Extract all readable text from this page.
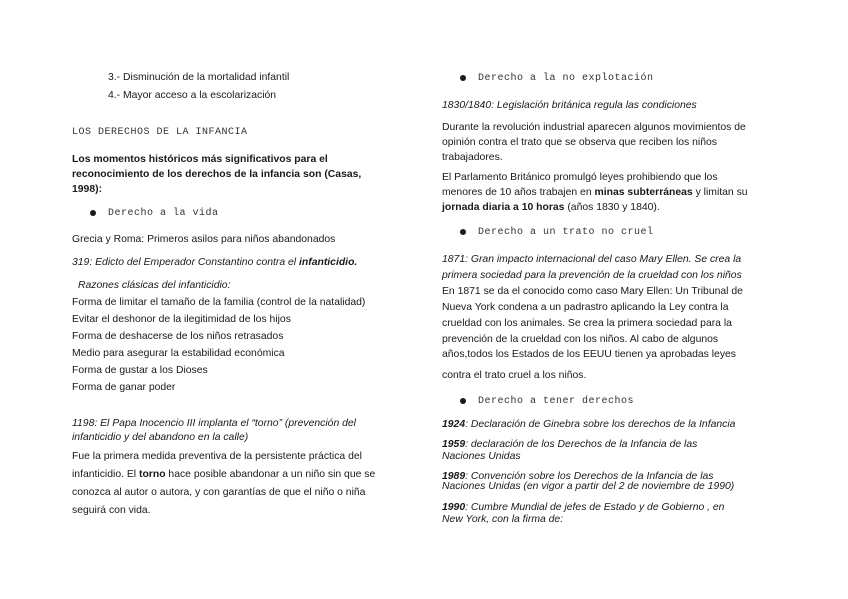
3.- Disminución de la mortalidad infantil
4.- Mayor acceso a la escolarización
LOS DERECHOS DE LA INFANCIA
Los momentos históricos más significativos para el
reconocimiento de los derechos de la infancia son (Casas,
1998):
Derecho a la vida
Grecia y Roma: Primeros asilos para niños abandonados
319: Edicto del Emperador Constantino contra el infanticidio.
Razones clásicas del infanticidio:
Forma de limitar el tamaño de la familia (control de la natalidad)
Evitar el deshonor de la ilegitimidad de los hijos
Forma de deshacerse de los niños retrasados
Medio para asegurar la estabilidad económica
Forma de gustar a los Dioses
Forma de ganar poder
1198: El Papa Inocencio III implanta el “torno” (prevención del
infanticidio y del abandono en la calle)
Fue la primera medida preventiva de la persistente práctica del
infanticidio. El torno hace posible abandonar a un niño sin que se
conozca al autor o autora, y con garantías de que el niño o niña
seguirá con vida.
Derecho a la no explotación
1830/1840: Legislación británica regula las condiciones
Durante la revolución industrial aparecen algunos movimientos de
opinión contra el trato que se observa que reciben los niños
trabajadores.
El Parlamento Británico promulgó leyes prohibiendo que los
menores de 10 años trabajen en minas subterráneas y limitan su
jornada diaria a 10 horas (años 1830 y 1840).
Derecho a un trato no cruel
1871: Gran impacto internacional del caso Mary Ellen. Se crea la
primera sociedad para la prevención de la crueldad con los niños
En 1871 se da el conocido como caso Mary Ellen: Un Tribunal de
Nueva York condena a un padrastro aplicando la Ley contra la
crueldad con los animales. Se crea la primera sociedad para la
prevención de la crueldad con los niños. Al cabo de algunos
años,todos los Estados de los EEUU tienen ya aprobadas leyes
contra el trato cruel a los niños.
Derecho a tener derechos
1924: Declaración de Ginebra sobre los derechos de la Infancia
1959: declaración de los Derechos de la Infancia de las
Naciones Unidas
1989: Convención sobre los Derechos de la Infancia de las
Naciones Unidas (en vigor a partir del 2 de noviembre de 1990)
1990: Cumbre Mundial de jefes de Estado y de Gobierno , en
New York, con la firma de:
